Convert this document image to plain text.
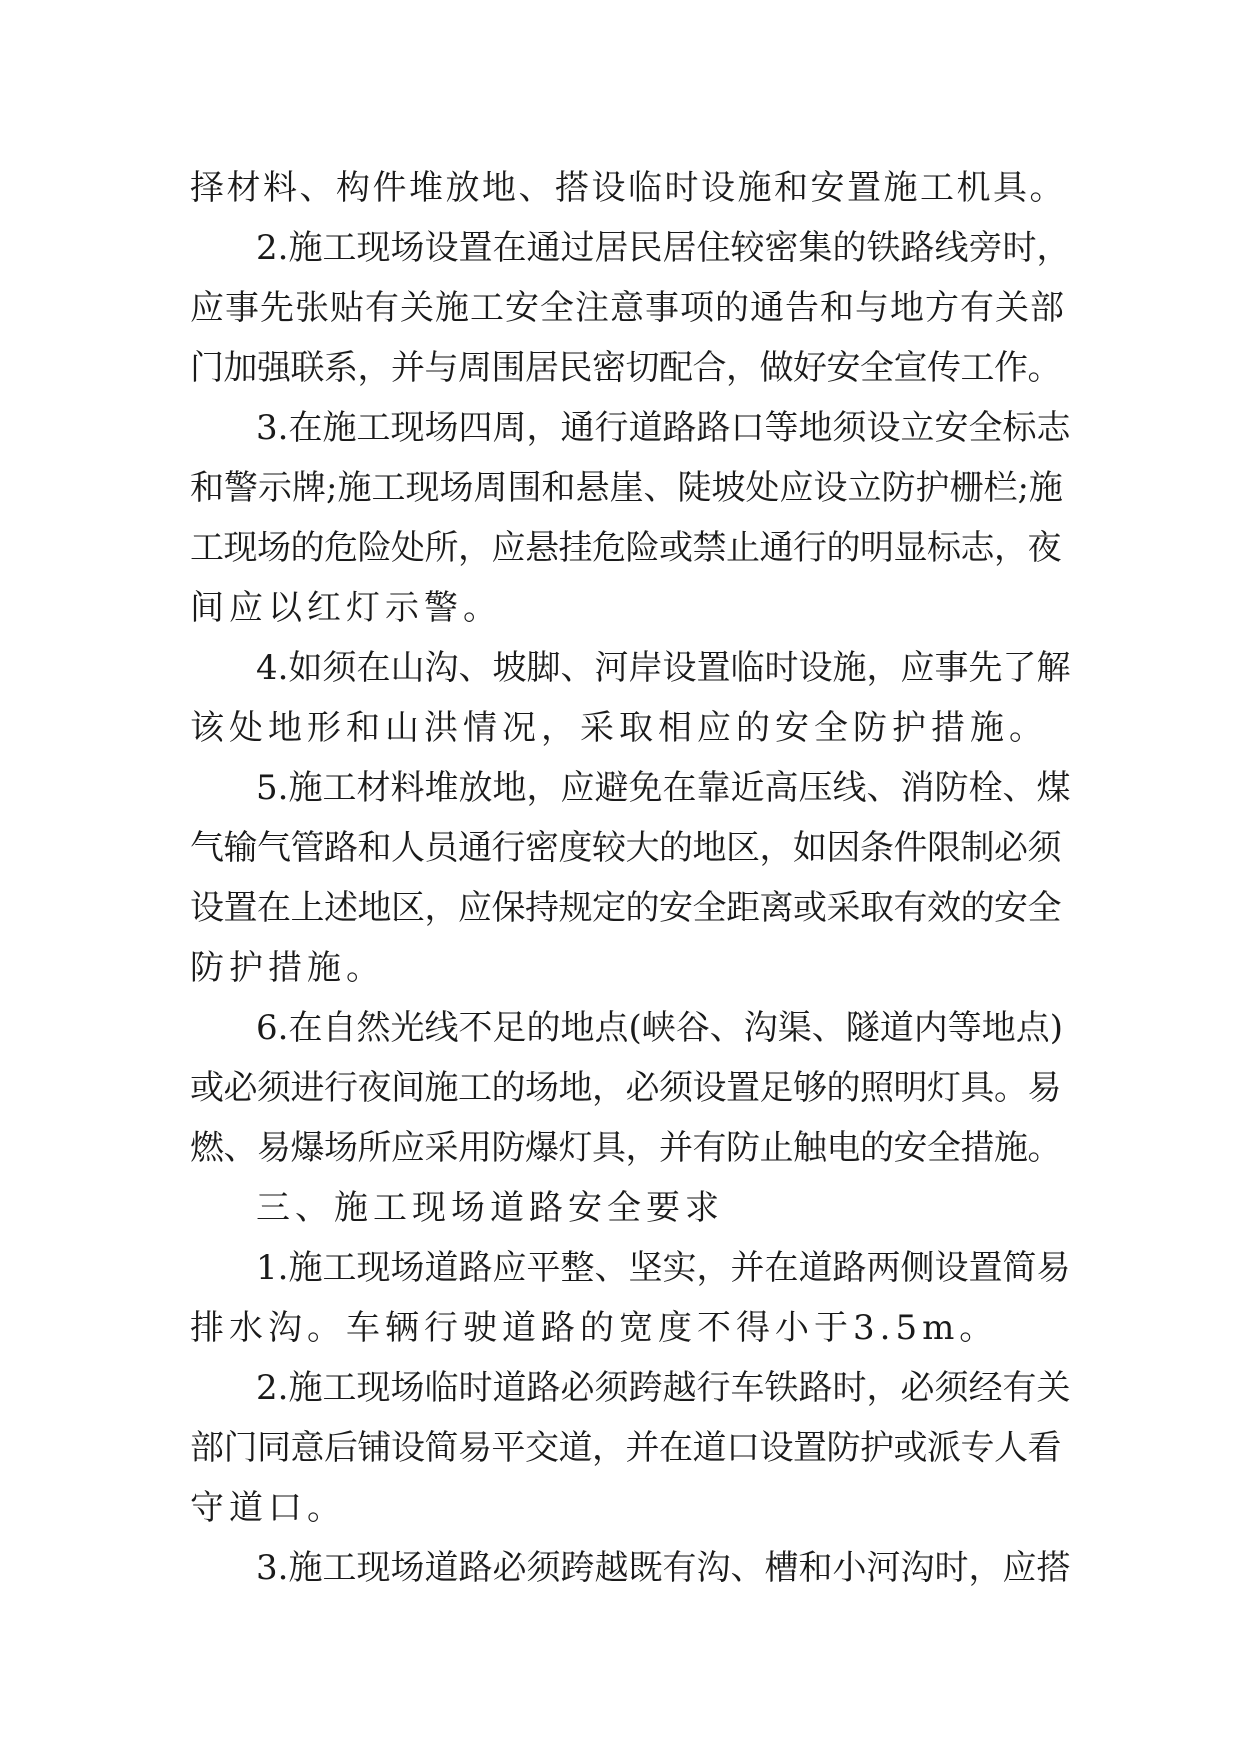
择材料、构件堆放地、搭设临时设施和安置施工机具。
2.施工现场设置在通过居民居住较密集的铁路线旁时，
应事先张贴有关施工安全注意事项的通告和与地方有关部
门加强联系，并与周围居民密切配合，做好安全宣传工作。
3.在施工现场四周，通行道路路口等地须设立安全标志
和警示牌;施工现场周围和悬崖、陡坡处应设立防护栅栏;施
工现场的危险处所，应悬挂危险或禁止通行的明显标志，夜
间应以红灯示警。
4.如须在山沟、坡脚、河岸设置临时设施，应事先了解
该处地形和山洪情况，采取相应的安全防护措施。
5.施工材料堆放地，应避免在靠近高压线、消防栓、煤
气输气管路和人员通行密度较大的地区，如因条件限制必须
设置在上述地区，应保持规定的安全距离或采取有效的安全
防护措施。
6.在自然光线不足的地点(峡谷、沟渠、隧道内等地点)
或必须进行夜间施工的场地，必须设置足够的照明灯具。易
燃、易爆场所应采用防爆灯具，并有防止触电的安全措施。
三、施工现场道路安全要求
1.施工现场道路应平整、坚实，并在道路两侧设置简易
排水沟。车辆行驶道路的宽度不得小于3.5m。
2.施工现场临时道路必须跨越行车铁路时，必须经有关
部门同意后铺设简易平交道，并在道口设置防护或派专人看
守道口。
3.施工现场道路必须跨越既有沟、槽和小河沟时，应搭
